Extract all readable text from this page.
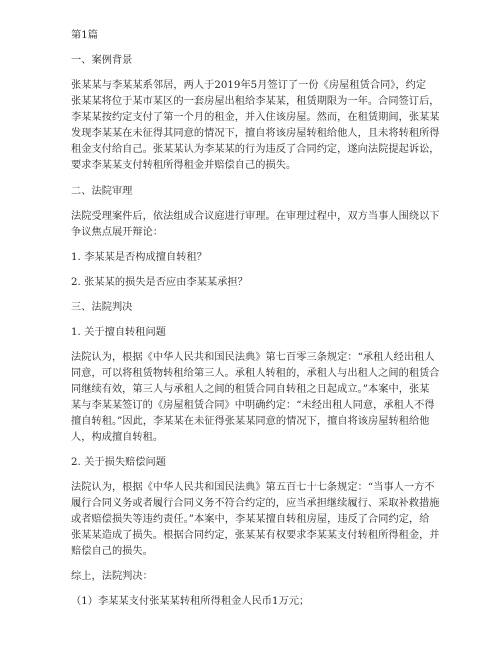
第1篇
一、案例背景
张某某与李某某系邻居，两人于2019年5月签订了一份《房屋租赁合同》，约定
张某某将位于某市某区的一套房屋出租给李某某，租赁期限为一年。合同签订后，
李某某按约定支付了第一个月的租金，并入住该房屋。然而，在租赁期间，张某某
发现李某某在未征得其同意的情况下，擅自将该房屋转租给他人，且未将转租所得
租金支付给自己。张某某认为李某某的行为违反了合同约定，遂向法院提起诉讼，
要求李某某支付转租所得租金并赔偿自己的损失。
二、法院审理
法院受理案件后，依法组成合议庭进行审理。在审理过程中，双方当事人围绕以下
争议焦点展开辩论：
1. 李某某是否构成擅自转租？
2. 张某某的损失是否应由李某某承担？
三、法院判决
1. 关于擅自转租问题
法院认为，根据《中华人民共和国民法典》第七百零三条规定：“承租人经出租人
同意，可以将租赁物转租给第三人。承租人转租的，承租人与出租人之间的租赁合
同继续有效，第三人与承租人之间的租赁合同自转租之日起成立。”本案中，张某
某与李某某签订的《房屋租赁合同》中明确约定：“未经出租人同意，承租人不得
擅自转租。”因此，李某某在未征得张某某同意的情况下，擅自将该房屋转租给他
人，构成擅自转租。
2. 关于损失赔偿问题
法院认为，根据《中华人民共和国民法典》第五百七十七条规定：“当事人一方不
履行合同义务或者履行合同义务不符合约定的，应当承担继续履行、采取补救措施
或者赔偿损失等违约责任。”本案中，李某某擅自转租房屋，违反了合同约定，给
张某某造成了损失。根据合同约定，张某某有权要求李某某支付转租所得租金，并
赔偿自己的损失。
综上，法院判决：
（1）李某某支付张某某转租所得租金人民币1万元；
